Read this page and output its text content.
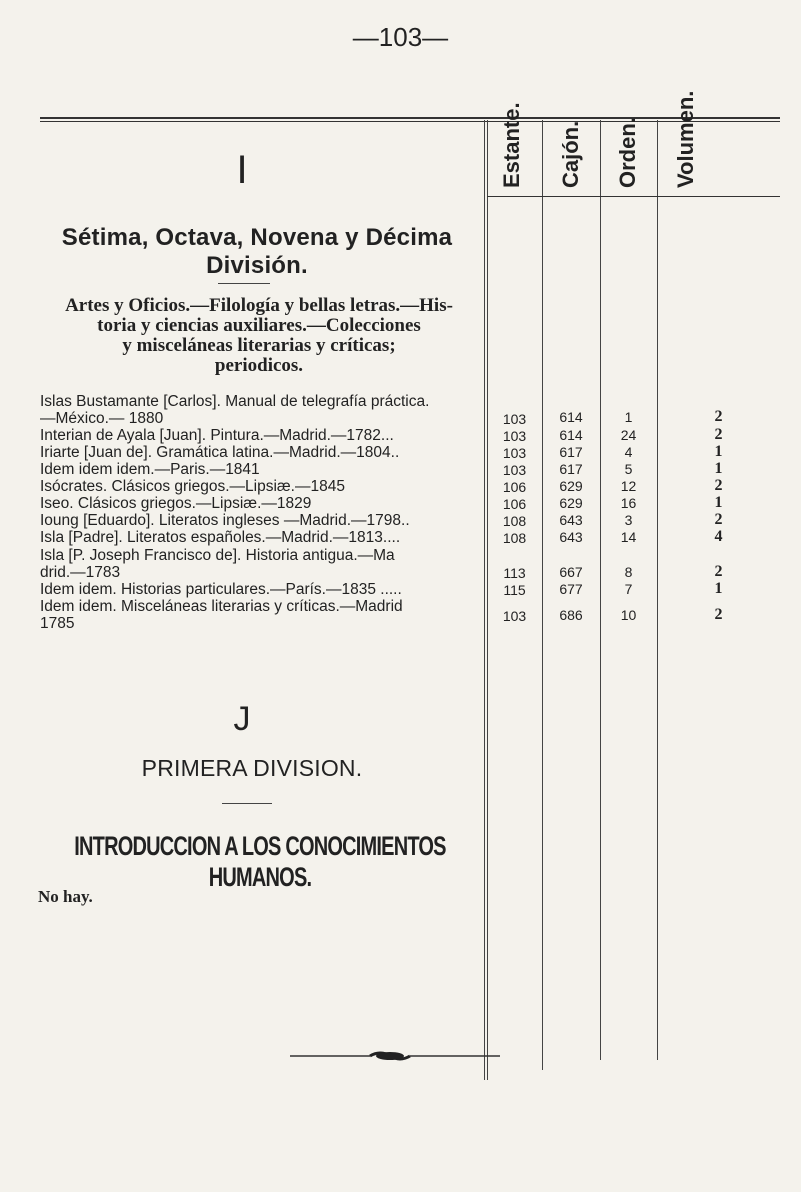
—103—
Estante. Cajón. Orden. Volumen.
I
Sétima, Octava, Novena y Décima División.
Artes y Oficios.—Filología y bellas letras.—His-
toria y ciencias auxiliares.—Colecciones
y misceláneas literarias y críticas;
periodicos.
Islas Bustamante [Carlos]. Manual de telegrafía práctica.
—México.— 1880
Interian de Ayala [Juan]. Pintura.—Madrid.—1782...
Iriarte [Juan de]. Gramática latina.—Madrid.—1804..
Idem idem idem.—Paris.—1841
Isócrates. Clásicos griegos.—Lipsiæ.—1845
Iseo. Clásicos griegos.—Lipsiæ.—1829
Ioung [Eduardo]. Literatos ingleses —Madrid.—1798..
Isla [Padre]. Literatos españoles.—Madrid.—1813....
Isla [P. Joseph Francisco de]. Historia antigua.—Ma
drid.—1783
Idem idem. Historias particulares.—París.—1835 .....
Idem idem. Misceláneas literarias y críticas.—Madrid
1785
103	614	1	2
103	614	24	2
103	617	4	1
103	617	5	1
106	629	12	2
106	629	16	1
108	643	3	2
108	643	14	4
113	667	8	2
115	677	7	1
103	686	10	2
J
PRIMERA DIVISION.
INTRODUCCION A LOS CONOCIMIENTOS HUMANOS.
No hay.
